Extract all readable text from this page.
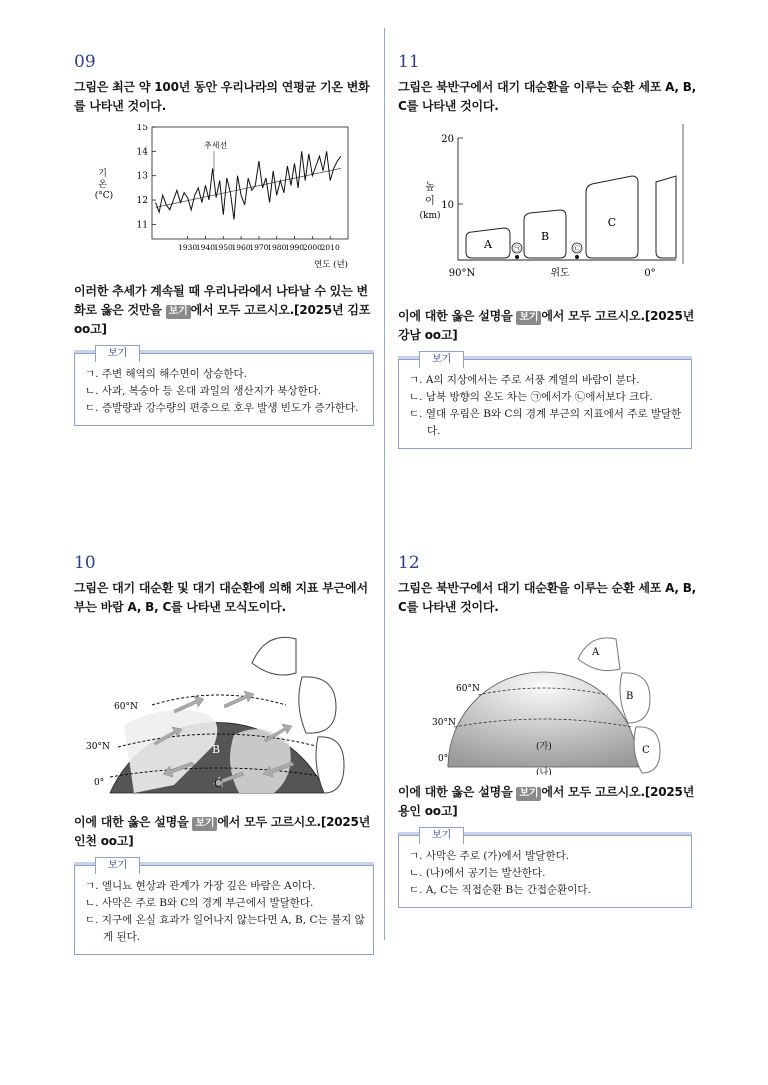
09
그림은 최근 약 100년 동안 우리나라의 연평균 기온 변화를 나타낸 것이다.
11
12
13
14
15
1930
1940
1950
1960
1970
1980
1990
2000
2010
추세선
기 온 (°C)
연도 (년)
이러한 추세가 계속될 때 우리나라에서 나타날 수 있는 변화로 옳은 것만을 보기 에서 모두 고르시오.[2025년 김포 oo고]
보기
ㄱ. 주변 해역의 해수면이 상승한다.
ㄴ. 사과, 복숭아 등 온대 과일의 생산지가 북상한다.
ㄷ. 증발량과 강수량의 편중으로 호우 발생 빈도가 증가한다.
11
그림은 북반구에서 대기 대순환을 이루는 순환 세포 A, B, C를 나타낸 것이다.
20
10
높
이
(km)
A
B
C
㉠	㉡
90°N	위도	0°
이에 대한 옳은 설명을 보기 에서 모두 고르시오.[2025년 강남 oo고]
보기
ㄱ. A의 지상에서는 주로 서풍 계열의 바람이 분다.
ㄴ. 남북 방향의 온도 차는 ㉠에서가 ㉡에서보다 크다.
ㄷ. 열대 우림은 B와 C의 경계 부근의 지표에서 주로 발달한다.
10
그림은 대기 대순환 및 대기 대순환에 의해 지표 부근에서 부는 바람 A, B, C를 나타낸 모식도이다.
A
B
C
60°N
30°N
0°
이에 대한 옳은 설명을 보기 에서 모두 고르시오.[2025년 인천 oo고]
보기
ㄱ. 엘니뇨 현상과 관계가 가장 깊은 바람은 A이다.
ㄴ. 사막은 주로 B와 C의 경계 부근에서 발달한다.
ㄷ. 지구에 온실 효과가 일어나지 않는다면 A, B, C는 불지 않게 된다.
12
그림은 북반구에서 대기 대순환을 이루는 순환 세포 A, B, C를 나타낸 것이다.
A
B
C
(가)
(나)
60°N
30°N
0°
이에 대한 옳은 설명을 보기 에서 모두 고르시오.[2025년 용인 oo고]
보기
ㄱ. 사막은 주로 (가)에서 발달한다.
ㄴ. (나)에서 공기는 발산한다.
ㄷ. A, C는 직접순환 B는 간접순환이다.
